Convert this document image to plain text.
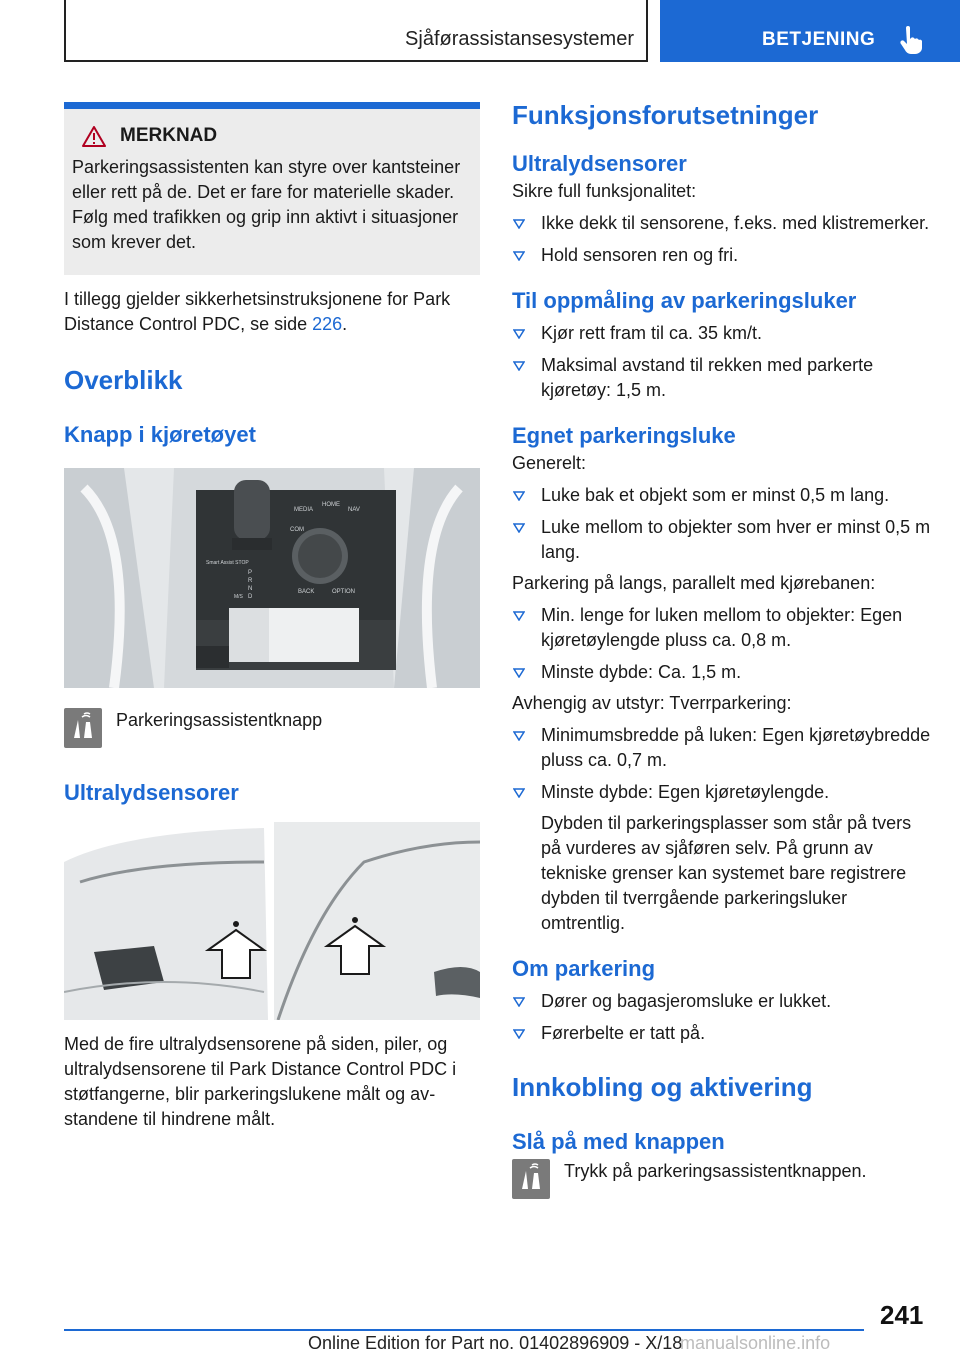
Sjåførassistansesystemer	BETJENING
MERKNAD
Parkeringsassistenten kan styre over kantsteiner eller rett på de. Det er fare for materielle skader. Følg med trafikken og grip inn aktivt i situasjoner som krever det.

I tillegg gjelder sikkerhetsinstruksjonene for Park Distance Control PDC, se side 226.

Overblikk
Knapp i kjøretøyet
MEDIA
HOME
NAV
COM
BACK	OPTION
Smart Assist STOP
P
R
N
D
M/S

Parkeringsassistentknapp

Ultralydsensorer

Med de fire ultralydsensorene på siden, piler, og ultralydsensorene til Park Distance Control PDC i støtfangerne, blir parkeringslukene målt og avstandene til hindrene målt.

Funksjonsforutsetninger
Ultralydsensorer

Sikre full funksjonalitet:

Ikke dekk til sensorene, f.eks. med klistremerker.
Hold sensoren ren og fri.
Til oppmåling av parkeringsluker
Kjør rett fram til ca. 35 km/t.
Maksimal avstand til rekken med parkerte kjøretøy: 1,5 m.
Egnet parkeringsluke

Generelt:

Luke bak et objekt som er minst 0,5 m lang.
Luke mellom to objekter som hver er minst 0,5 m lang.

Parkering på langs, parallelt med kjørebanen:

Min. lenge for luken mellom to objekter: Egen kjøretøylengde pluss ca. 0,8 m.
Minste dybde: Ca. 1,5 m.

Avhengig av utstyr: Tverrparkering:

Minimumsbredde på luken: Egen kjøretøybredde pluss ca. 0,7 m.
Minste dybde: Egen kjøretøylengde.

Dybden til parkeringsplasser som står på tvers på vurderes av sjåføren selv. På grunn av tekniske grenser kan systemet bare registrere dybden til tverrgående parkeringsluker omtrentlig.

Om parkering
Dører og bagasjeromsluke er lukket.
Førerbelte er tatt på.
Innkobling og aktivering
Slå på med knappen

Trykk på parkeringsassistentknappen.

241
Online Edition for Part no. 01402896909 - X/18
manualsonline.info
